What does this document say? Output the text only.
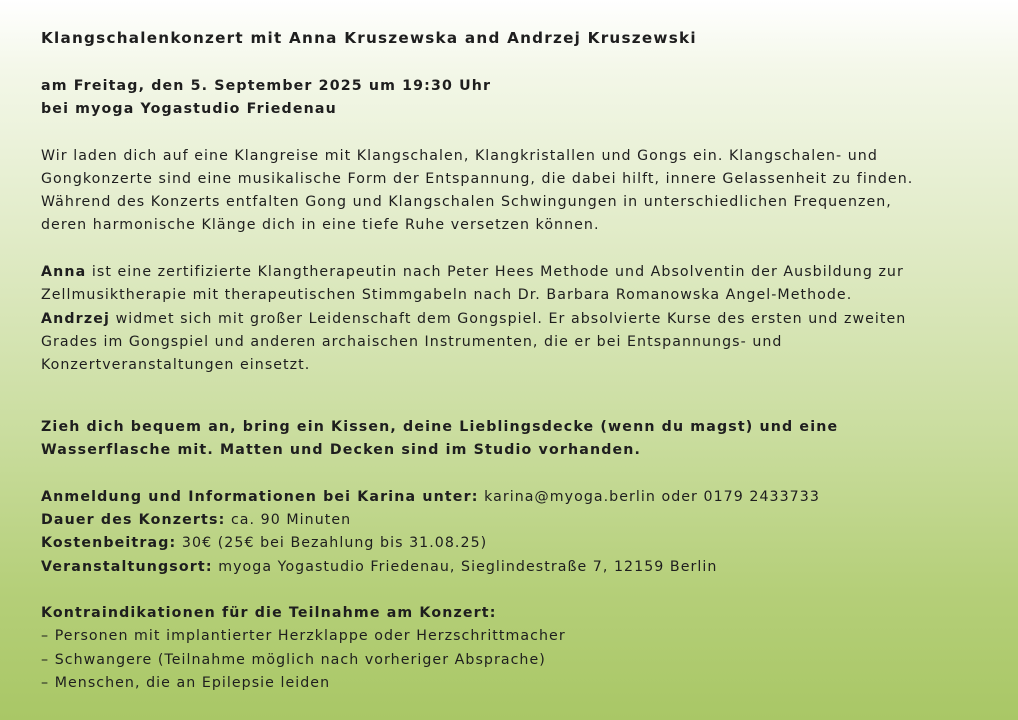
Klangschalenkonzert mit Anna Kruszewska and Andrzej Kruszewski
am Freitag, den 5. September 2025 um 19:30 Uhr
bei myoga Yogastudio Friedenau
Wir laden dich auf eine Klangreise mit Klangschalen, Klangkristallen und Gongs ein. Klangschalen- und
Gongkonzerte sind eine musikalische Form der Entspannung, die dabei hilft, innere Gelassenheit zu finden.
Während des Konzerts entfalten Gong und Klangschalen Schwingungen in unterschiedlichen Frequenzen,
deren harmonische Klänge dich in eine tiefe Ruhe versetzen können.
Anna ist eine zertifizierte Klangtherapeutin nach Peter Hees Methode und Absolventin der Ausbildung zur
Zellmusiktherapie mit therapeutischen Stimmgabeln nach Dr. Barbara Romanowska Angel-Methode.
Andrzej widmet sich mit großer Leidenschaft dem Gongspiel. Er absolvierte Kurse des ersten und zweiten
Grades im Gongspiel und anderen archaischen Instrumenten, die er bei Entspannungs- und
Konzertveranstaltungen einsetzt.
Zieh dich bequem an, bring ein Kissen, deine Lieblingsdecke (wenn du magst) und eine
Wasserflasche mit. Matten und Decken sind im Studio vorhanden.
Anmeldung und Informationen bei Karina unter: karina@myoga.berlin oder 0179 2433733
Dauer des Konzerts: ca. 90 Minuten
Kostenbeitrag: 30€ (25€ bei Bezahlung bis 31.08.25)
Veranstaltungsort: myoga Yogastudio Friedenau, Sieglindestraße 7, 12159 Berlin
Kontraindikationen für die Teilnahme am Konzert:
– Personen mit implantierter Herzklappe oder Herzschrittmacher
– Schwangere (Teilnahme möglich nach vorheriger Absprache)
– Menschen, die an Epilepsie leiden
